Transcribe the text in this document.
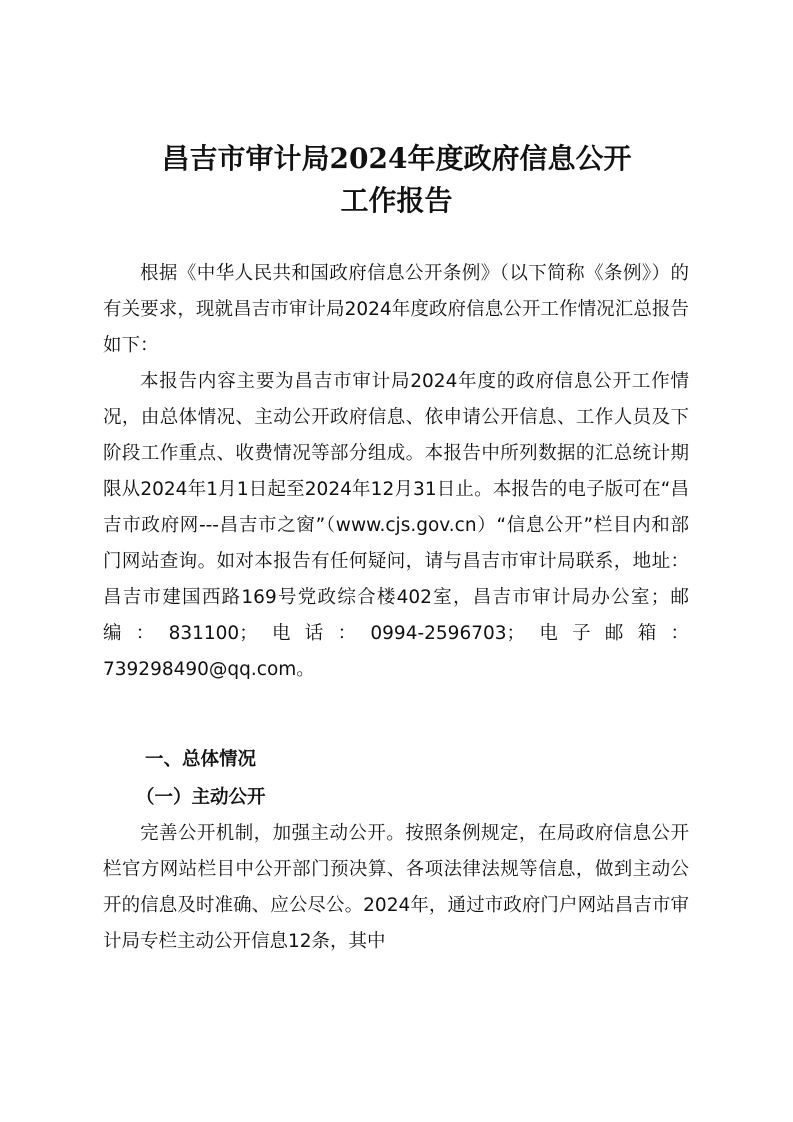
昌吉市审计局2024年度政府信息公开
工作报告

根据《中华人民共和国政府信息公开条例》（以下简称《条例》）的有关要求，现就昌吉市审计局2024年度政府信息公开工作情况汇总报告如下：

本报告内容主要为昌吉市审计局2024年度的政府信息公开工作情况，由总体情况、主动公开政府信息、依申请公开信息、工作人员及下阶段工作重点、收费情况等部分组成。本报告中所列数据的汇总统计期限从2024年1月1日起至2024年12月31日止。本报告的电子版可在“昌吉市政府网---昌吉市之窗”（www.cjs.gov.cn）“信息公开”栏目内和部门网站查询。如对本报告有任何疑问，请与昌吉市审计局联系，地址：昌吉市建国西路169号党政综合楼402室，昌吉市审计局办公室；邮编：831100；电话：0994-2596703；电子邮箱：739298490@qq.com。

一、总体情况
（一）主动公开

完善公开机制，加强主动公开。按照条例规定，在局政府信息公开栏官方网站栏目中公开部门预决算、各项法律法规等信息，做到主动公开的信息及时准确、应公尽公。2024年，通过市政府门户网站昌吉市审计局专栏主动公开信息12条，其中
